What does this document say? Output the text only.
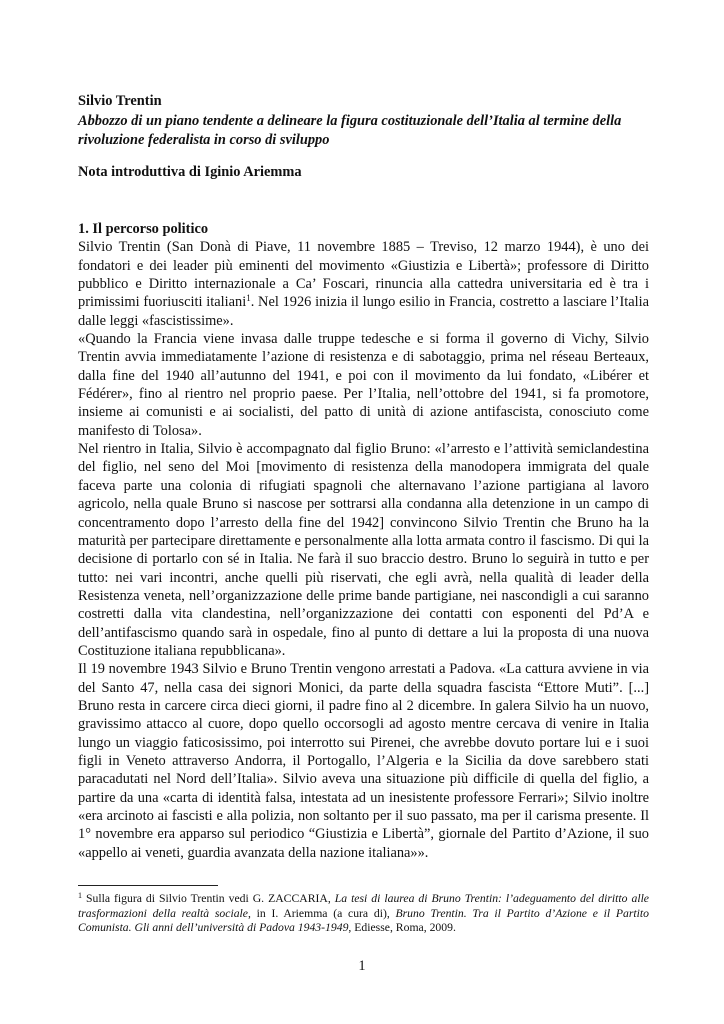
Silvio Trentin
Abbozzo di un piano tendente a delineare la figura costituzionale dell’Italia al termine della rivoluzione federalista in corso di sviluppo
Nota introduttiva di Iginio Ariemma
1. Il percorso politico

Silvio Trentin (San Donà di Piave, 11 novembre 1885 – Treviso, 12 marzo 1944), è uno dei fondatori e dei leader più eminenti del movimento «Giustizia e Libertà»; professore di Diritto pubblico e Diritto internazionale a Ca’ Foscari, rinuncia alla cattedra universitaria ed è tra i primissimi fuoriusciti italiani$^1$. Nel 1926 inizia il lungo esilio in Francia, costretto a lasciare l’Italia dalle leggi «fascistissime».

«Quando la Francia viene invasa dalle truppe tedesche e si forma il governo di Vichy, Silvio Trentin avvia immediatamente l’azione di resistenza e di sabotaggio, prima nel réseau Berteaux, dalla fine del 1940 all’autunno del 1941, e poi con il movimento da lui fondato, «Libérer et Fédérer», fino al rientro nel proprio paese. Per l’Italia, nell’ottobre del 1941, si fa promotore, insieme ai comunisti e ai socialisti, del patto di unità di azione antifascista, conosciuto come manifesto di Tolosa».

Nel rientro in Italia, Silvio è accompagnato dal figlio Bruno: «l’arresto e l’attività semiclandestina del figlio, nel seno del Moi [movimento di resistenza della manodopera immigrata del quale faceva parte una colonia di rifugiati spagnoli che alternavano l’azione partigiana al lavoro agricolo, nella quale Bruno si nascose per sottrarsi alla condanna alla detenzione in un campo di concentramento dopo l’arresto della fine del 1942] convincono Silvio Trentin che Bruno ha la maturità per partecipare direttamente e personalmente alla lotta armata contro il fascismo. Di qui la decisione di portarlo con sé in Italia. Ne farà il suo braccio destro. Bruno lo seguirà in tutto e per tutto: nei vari incontri, anche quelli più riservati, che egli avrà, nella qualità di leader della Resistenza veneta, nell’organizzazione delle prime bande partigiane, nei nascondigli a cui saranno costretti dalla vita clandestina, nell’organizzazione dei contatti con esponenti del Pd’A e dell’antifascismo quando sarà in ospedale, fino al punto di dettare a lui la proposta di una nuova Costituzione italiana repubblicana».

Il 19 novembre 1943 Silvio e Bruno Trentin vengono arrestati a Padova. «La cattura avviene in via del Santo 47, nella casa dei signori Monici, da parte della squadra fascista “Ettore Muti”. [...] Bruno resta in carcere circa dieci giorni, il padre fino al 2 dicembre. In galera Silvio ha un nuovo, gravissimo attacco al cuore, dopo quello occorsogli ad agosto mentre cercava di venire in Italia lungo un viaggio faticosissimo, poi interrotto sui Pirenei, che avrebbe dovuto portare lui e i suoi figli in Veneto attraverso Andorra, il Portogallo, l’Algeria e la Sicilia da dove sarebbero stati paracadutati nel Nord dell’Italia». Silvio aveva una situazione più difficile di quella del figlio, a partire da una «carta di identità falsa, intestata ad un inesistente professore Ferrari»; Silvio inoltre «era arcinoto ai fascisti e alla polizia, non soltanto per il suo passato, ma per il carisma presente. Il 1° novembre era apparso sul periodico “Giustizia e Libertà”, giornale del Partito d’Azione, il suo «appello ai veneti, guardia avanzata della nazione italiana»».

$^1$ Sulla figura di Silvio Trentin vedi G. ZACCARIA, La tesi di laurea di Bruno Trentin: l’adeguamento del diritto alle trasformazioni della realtà sociale, in I. Ariemma (a cura di), Bruno Trentin. Tra il Partito d’Azione e il Partito Comunista. Gli anni dell’università di Padova 1943-1949, Ediesse, Roma, 2009.
1
